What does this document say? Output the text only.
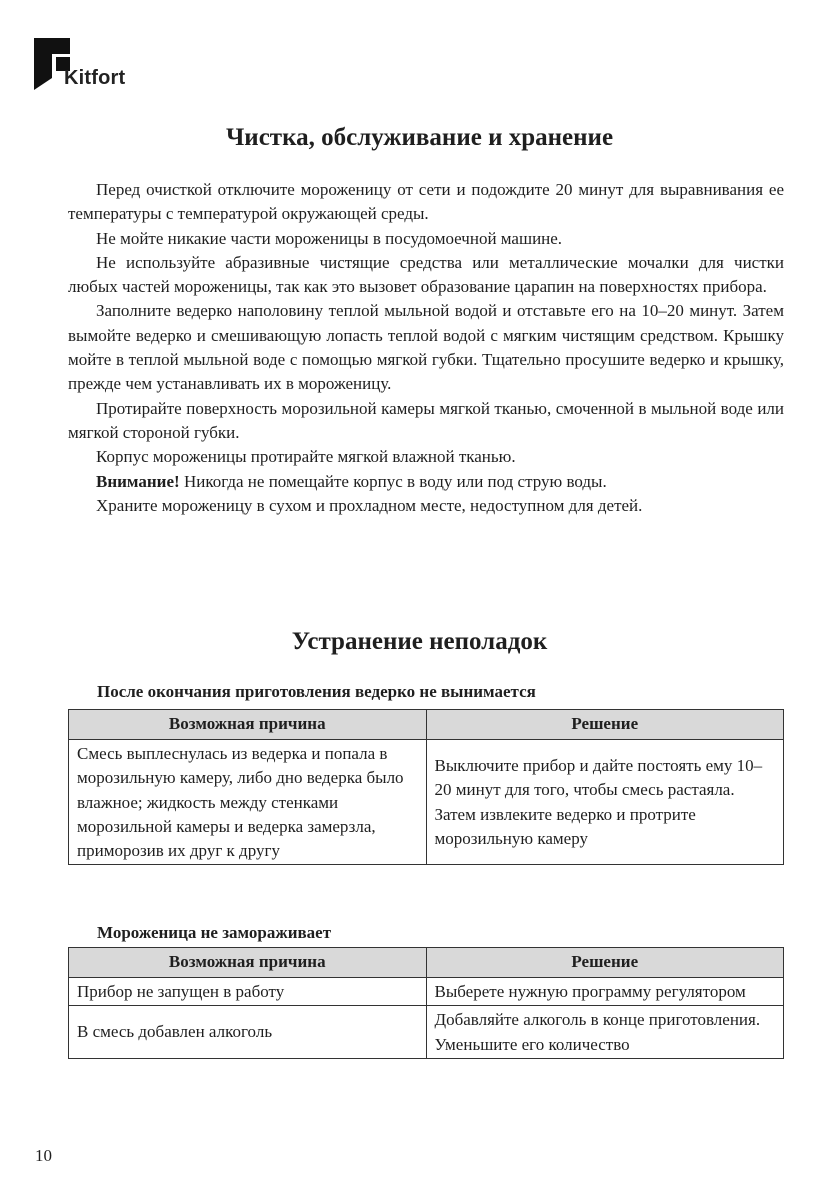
Kitfort
Чистка, обслуживание и хранение

Перед очисткой отключите мороженицу от сети и подождите 20 минут для выравнивания ее температуры с температурой окружающей среды.

Не мойте никакие части мороженицы в посудомоечной машине.

Не используйте абразивные чистящие средства или металлические мочалки для чистки любых частей мороженицы, так как это вызовет образование царапин на поверхностях прибора.

Заполните ведерко наполовину теплой мыльной водой и отставьте его на 10–20 минут. Затем вымойте ведерко и смешивающую лопасть теплой водой с мягким чистящим средством. Крышку мойте в теплой мыльной воде с помощью мягкой губки. Тщательно просушите ведерко и крышку, прежде чем устанавливать их в мороженицу.

Протирайте поверхность морозильной камеры мягкой тканью, смоченной в мыльной воде или мягкой стороной губки.

Корпус мороженицы протирайте мягкой влажной тканью.

Внимание! Никогда не помещайте корпус в воду или под струю воды.

Храните мороженицу в сухом и прохладном месте, недоступном для детей.

Устранение неполадок

После окончания приготовления ведерко не вынимается

Возможная причина	Решение
Смесь выплеснулась из ведерка и попала в морозильную камеру, либо дно ведерка было влажное; жидкость между стенками морозильной камеры и ведерка замерзла, приморозив их друг к другу	Выключите прибор и дайте постоять ему 10–20 минут для того, чтобы смесь растаяла. Затем извлеките ведерко и протрите морозильную камеру

Мороженица не замораживает

Возможная причина	Решение
Прибор не запущен в работу	Выберете нужную программу регулятором
В смесь добавлен алкоголь	Добавляйте алкоголь в конце приготовления. Уменьшите его количество
10
